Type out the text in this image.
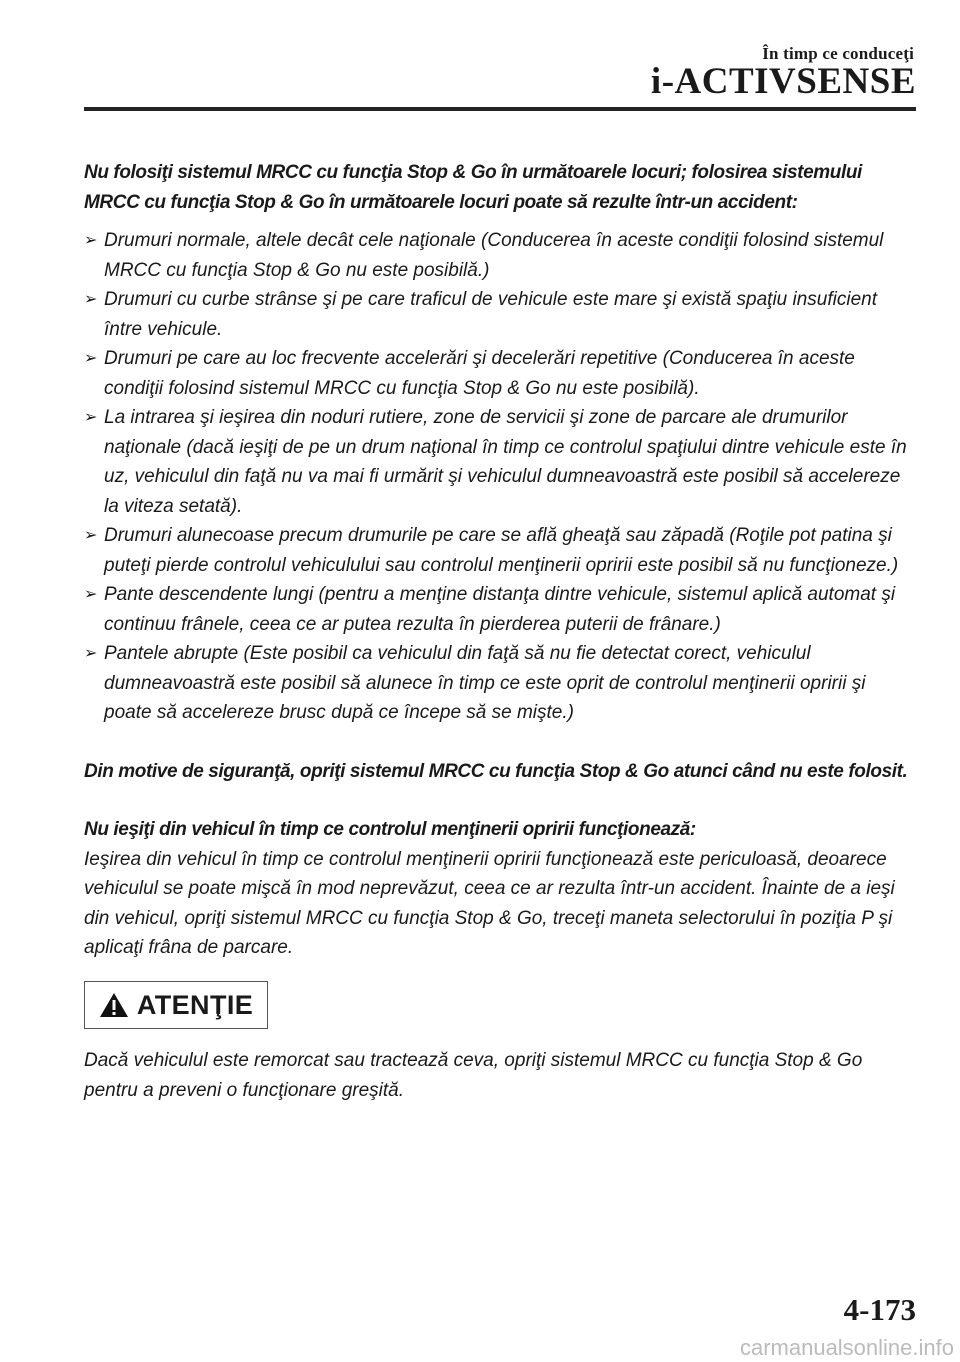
În timp ce conduceţi
i-ACTIVSENSE

Nu folosiţi sistemul MRCC cu funcţia Stop & Go în următoarele locuri; folosirea sistemului MRCC cu funcţia Stop & Go în următoarele locuri poate să rezulte într-un accident:

➢ Drumuri normale, altele decât cele naţionale (Conducerea în aceste condiţii folosind sistemul MRCC cu funcţia Stop & Go nu este posibilă.)
➢ Drumuri cu curbe strânse şi pe care traficul de vehicule este mare şi există spaţiu insuficient între vehicule.
➢ Drumuri pe care au loc frecvente accelerări şi decelerări repetitive (Conducerea în aceste condiţii folosind sistemul MRCC cu funcţia Stop & Go nu este posibilă).
➢ La intrarea şi ieşirea din noduri rutiere, zone de servicii şi zone de parcare ale drumurilor naţionale (dacă ieşiţi de pe un drum naţional în timp ce controlul spaţiului dintre vehicule este în uz, vehiculul din faţă nu va mai fi urmărit şi vehiculul dumneavoastră este posibil să accelereze la viteza setată).
➢ Drumuri alunecoase precum drumurile pe care se află gheaţă sau zăpadă (Roţile pot patina şi puteţi pierde controlul vehiculului sau controlul menţinerii opririi este posibil să nu funcţioneze.)
➢ Pante descendente lungi (pentru a menţine distanţa dintre vehicule, sistemul aplică automat şi continuu frânele, ceea ce ar putea rezulta în pierderea puterii de frânare.)
➢ Pantele abrupte (Este posibil ca vehiculul din faţă să nu fie detectat corect, vehiculul dumneavoastră este posibil să alunece în timp ce este oprit de controlul menţinerii opririi şi poate să accelereze brusc după ce începe să se mişte.)

Din motive de siguranţă, opriţi sistemul MRCC cu funcţia Stop & Go atunci când nu este folosit.

Nu ieşiţi din vehicul în timp ce controlul menţinerii opririi funcţionează:

Ieşirea din vehicul în timp ce controlul menţinerii opririi funcţionează este periculoasă, deoarece vehiculul se poate mişcă în mod neprevăzut, ceea ce ar rezulta într-un accident. Înainte de a ieşi din vehicul, opriţi sistemul MRCC cu funcţia Stop & Go, treceţi maneta selectorului în poziţia P şi aplicaţi frâna de parcare.

ATENŢIE

Dacă vehiculul este remorcat sau tractează ceva, opriţi sistemul MRCC cu funcţia Stop & Go pentru a preveni o funcţionare greşită.

4-173
carmanualsonline.info
